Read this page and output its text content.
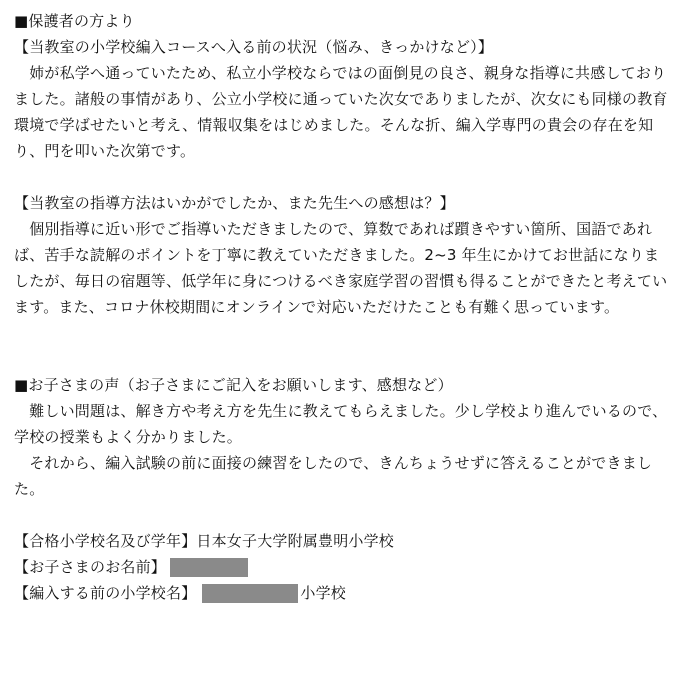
■保護者の方より

【当教室の小学校編入コースへ入る前の状況（悩み、きっかけなど）】

　姉が私学へ通っていたため、私立小学校ならではの面倒見の良さ、親身な指導に共感しておりました。諸般の事情があり、公立小学校に通っていた次女でありましたが、次女にも同様の教育環境で学ばせたいと考え、情報収集をはじめました。そんな折、編入学専門の貴会の存在を知り、門を叩いた次第です。

【当教室の指導方法はいかがでしたか、また先生への感想は？】

　個別指導に近い形でご指導いただきましたので、算数であれば躓きやすい箇所、国語であれば、苦手な読解のポイントを丁寧に教えていただきました。2~3 年生にかけてお世話になりましたが、毎日の宿題等、低学年に身につけるべき家庭学習の習慣も得ることができたと考えています。また、コロナ休校期間にオンラインで対応いただけたことも有難く思っています。

■お子さまの声（お子さまにご記入をお願いします、感想など）

　難しい問題は、解き方や考え方を先生に教えてもらえました。少し学校より進んでいるので、学校の授業もよく分かりました。

　それから、編入試験の前に面接の練習をしたので、きんちょうせずに答えることができました。

【合格小学校名及び学年】 日本女子大学附属豊明小学校

【お子さまのお名前】

【編入する前の小学校名】	小学校
